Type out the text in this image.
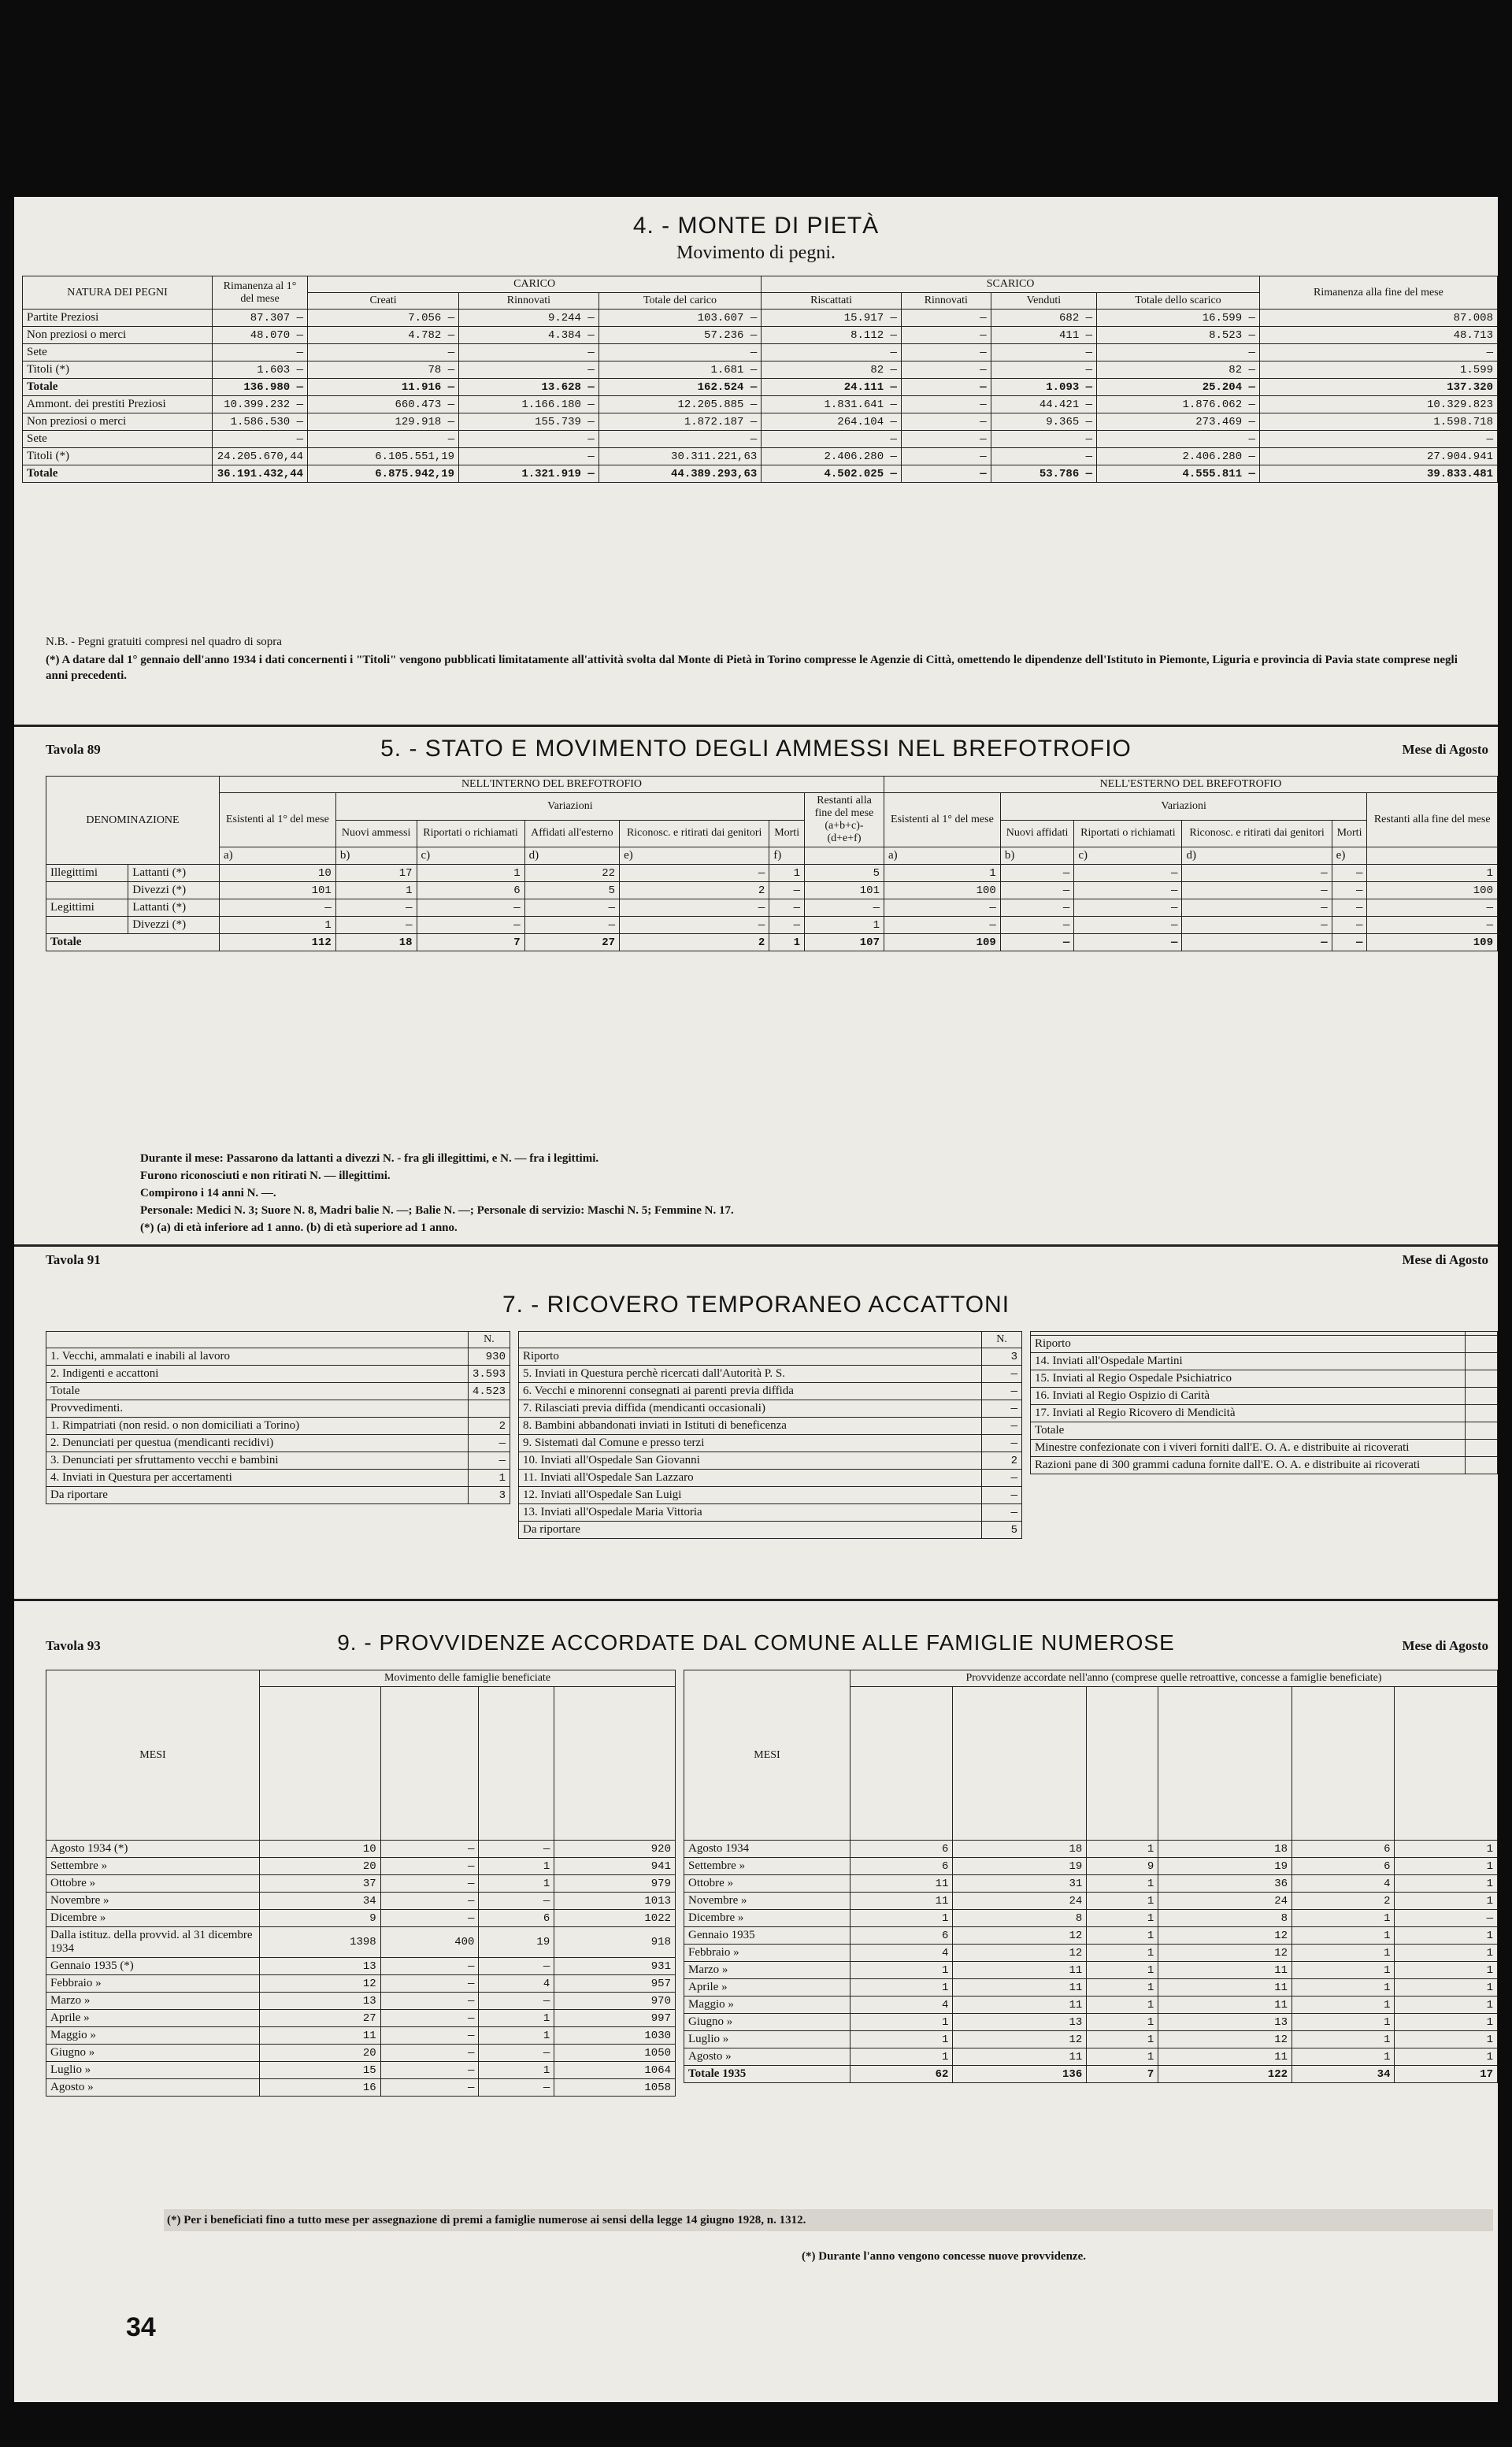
4. - MONTE DI PIETÀ
Movimento di pegni.
NATURA DEI PEGNI	Rimanenza al 1° del mese	CARICO			SCARICO				Rimanenza alla fine del mese
		Creati	Rinnovati	Totale del carico	Riscattati	Rinnovati	Venduti	Totale dello scarico	
Partite Preziosi	87.307 —	7.056 —	9.244 —	103.607 —	15.917 —	—	682 —	16.599 —	87.008
Non preziosi o merci	48.070 —	4.782 —	4.384 —	57.236 —	8.112 —	—	411 —	8.523 —	48.713
Sete	—	—	—	—	—	—	—	—	—
Titoli (*)	1.603 —	78 —	—	1.681 —	82 —	—	—	82 —	1.599
Totale	136.980 —	11.916 —	13.628 —	162.524 —	24.111 —	—	1.093 —	25.204 —	137.320
Ammont. dei prestiti Preziosi	10.399.232 —	660.473 —	1.166.180 —	12.205.885 —	1.831.641 —	—	44.421 —	1.876.062 —	10.329.823
Non preziosi o merci	1.586.530 —	129.918 —	155.739 —	1.872.187 —	264.104 —	—	9.365 —	273.469 —	1.598.718
Sete	—	—	—	—	—	—	—	—	—
Titoli (*)	24.205.670,44	6.105.551,19	—	30.311.221,63	2.406.280 —	—	—	2.406.280 —	27.904.941
Totale	36.191.432,44	6.875.942,19	1.321.919 —	44.389.293,63	4.502.025 —	—	53.786 —	4.555.811 —	39.833.481
N.B. - Pegni gratuiti compresi nel quadro di sopra
(*) A datare dal 1° gennaio dell'anno 1934 i dati concernenti i "Titoli" vengono pubblicati limitatamente all'attività svolta dal Monte di Pietà in Torino compresse le Agenzie di Città, omettendo le dipendenze dell'Istituto in Piemonte, Liguria e provincia di Pavia state comprese negli anni precedenti.
Tavola 89	Mese di Agosto
5. - STATO E MOVIMENTO DEGLI AMMESSI NEL BREFOTROFIO
DENOMINAZIONE		NELL'INTERNO DEL BREFOTROFIO							NELL'ESTERNO DEL BREFOTROFIO					
		Esistenti al 1° del mese	Variazioni					Restanti alla fine del mese (a+b+c)-(d+e+f)	Esistenti al 1° del mese	Variazioni				Restanti alla fine del mese
			Nuovi ammessi	Riportati o richiamati	Affidati all'esterno	Riconosc. e ritirati dai genitori	Morti			Nuovi affidati	Riportati o richiamati	Riconosc. e ritirati dai genitori	Morti	
		a)	b)	c)	d)	e)	f)		a)	b)	c)	d)	e)	
Illegittimi	Lattanti (*)	10	17	1	22	—	1	5	1	—	—	—	—	1
	Divezzi (*)	101	1	6	5	2	—	101	100	—	—	—	—	100
Legittimi	Lattanti (*)	—	—	—	—	—	—	—	—	—	—	—	—	—
	Divezzi (*)	1	—	—	—	—	—	1	—	—	—	—	—	—
Totale		112	18	7	27	2	1	107	109	—	—	—	—	109
Durante il mese: Passarono da lattanti a divezzi N. - fra gli illegittimi, e N. — fra i legittimi.
Furono riconosciuti e non ritirati N. — illegittimi.
Compirono i 14 anni N. —.
Personale: Medici N. 3; Suore N. 8, Madri balie N. —; Balie N. —; Personale di servizio: Maschi N. 5; Femmine N. 17.
(*) (a) di età inferiore ad 1 anno. (b) di età superiore ad 1 anno.
Tavola 91	Mese di Agosto
7. - RICOVERO TEMPORANEO ACCATTONI
	N.
1. Vecchi, ammalati e inabili al lavoro	930
2. Indigenti e accattoni	3.593
Totale	4.523
Provvedimenti.	
1. Rimpatriati (non resid. o non domiciliati a Torino)	2
2. Denunciati per questua (mendicanti recidivi)	—
3. Denunciati per sfruttamento vecchi e bambini	—
4. Inviati in Questura per accertamenti	1
Da riportare	3
	N.
Riporto	3
5. Inviati in Questura perchè ricercati dall'Autorità P. S.	—
6. Vecchi e minorenni consegnati ai parenti previa diffida	—
7. Rilasciati previa diffida (mendicanti occasionali)	—
8. Bambini abbandonati inviati in Istituti di beneficenza	—
9. Sistemati dal Comune e presso terzi	—
10. Inviati all'Ospedale San Giovanni	2
11. Inviati all'Ospedale San Lazzaro	—
12. Inviati all'Ospedale San Luigi	—
13. Inviati all'Ospedale Maria Vittoria	—
Da riportare	5

Riporto	
14. Inviati all'Ospedale Martini	
15. Inviati al Regio Ospedale Psichiatrico	
16. Inviati al Regio Ospizio di Carità	
17. Inviati al Regio Ricovero di Mendicità	
Totale	
Minestre confezionate con i viveri forniti dall'E. O. A. e distribuite ai ricoverati	
Razioni pane di 300 grammi caduna fornite dall'E. O. A. e distribuite ai ricoverati	
Tavola 93	Mese di Agosto
9. - PROVVIDENZE ACCORDATE DAL COMUNE ALLE FAMIGLIE NUMEROSE
MESI	Movimento delle famiglie beneficiate			

Agosto 1934 (*)	10	—	—	920
Settembre »	20	—	1	941
Ottobre »	37	—	1	979
Novembre »	34	—	—	1013
Dicembre »	9	—	6	1022
Dalla istituz. della provvid. al 31 dicembre 1934	1398	400	19	918
Gennaio 1935 (*)	13	—	—	931
Febbraio »	12	—	4	957
Marzo »	13	—	—	970
Aprile »	27	—	1	997
Maggio »	11	—	1	1030
Giugno »	20	—	—	1050
Luglio »	15	—	1	1064
Agosto »	16	—	—	1058
MESI	Provvidenze accordate nell'anno (comprese quelle retroattive, concesse a famiglie beneficiate)					

Agosto 1934	6	18	1	18	6	1
Settembre »	6	19	9	19	6	1
Ottobre »	11	31	1	36	4	1
Novembre »	11	24	1	24	2	1
Dicembre »	1	8	1	8	1	—
Gennaio 1935	6	12	1	12	1	1
Febbraio »	4	12	1	12	1	1
Marzo »	1	11	1	11	1	1
Aprile »	1	11	1	11	1	1
Maggio »	4	11	1	11	1	1
Giugno »	1	13	1	13	1	1
Luglio »	1	12	1	12	1	1
Agosto »	1	11	1	11	1	1
Totale 1935	62	136	7	122	34	17
(*) Per i beneficiati fino a tutto mese per assegnazione di premi a famiglie numerose ai sensi della legge 14 giugno 1928, n. 1312.
(*) Durante l'anno vengono concesse nuove provvidenze.
34
